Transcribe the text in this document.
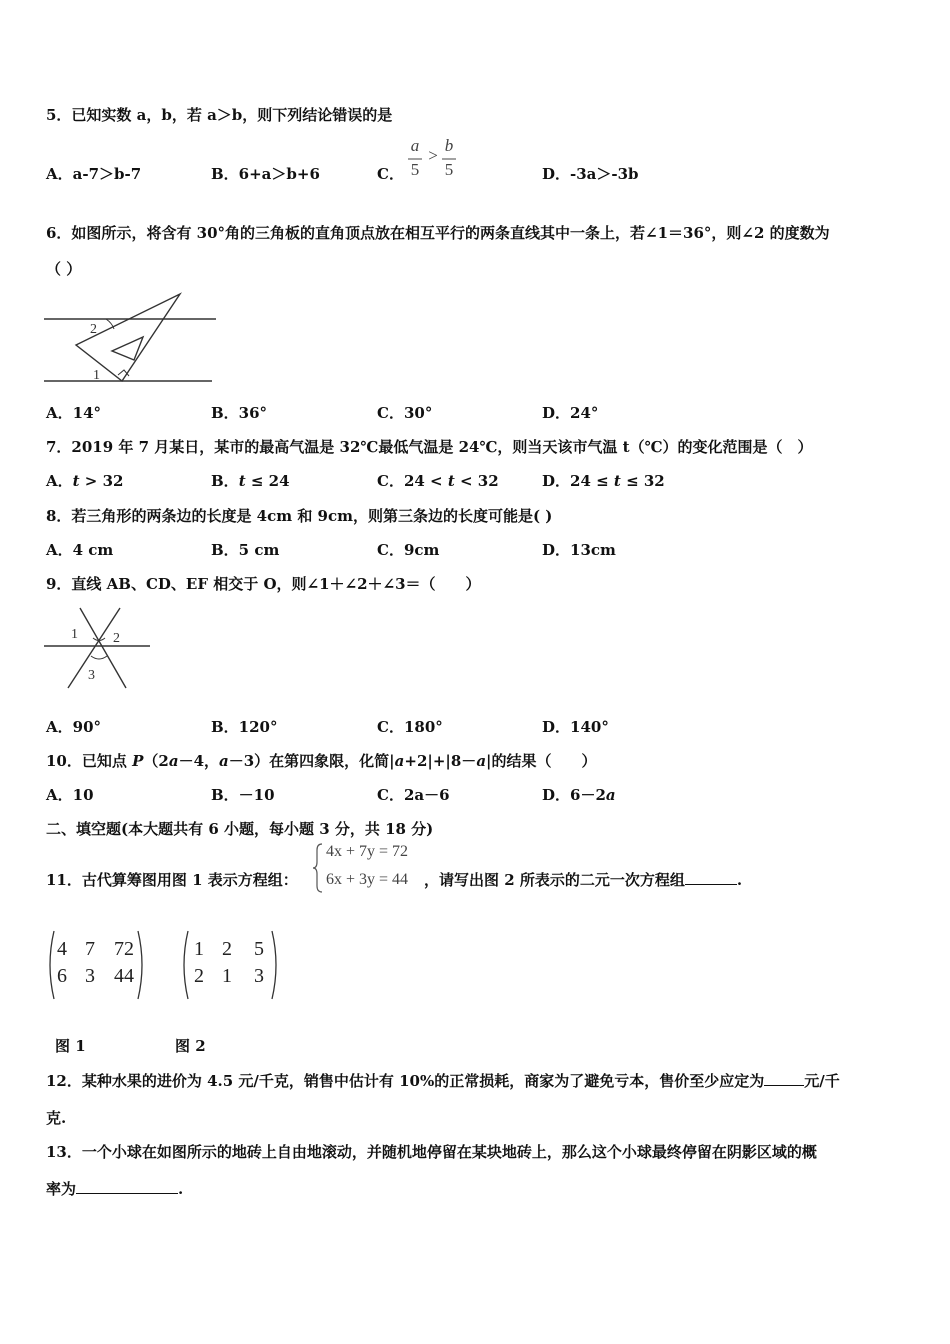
5．已知实数 a，b，若 a＞b，则下列结论错误的是
A．a-7＞b-7	B．6+a＞b+6	C．
a
5
>
b
5	D．-3a＞-3b
6．如图所示，将含有 30°角的三角板的直角顶点放在相互平行的两条直线其中一条上，若∠1＝36°，则∠2 的度数为
（ ）
2
1
A．14°	B．36°	C．30°	D．24°
7．2019 年 7 月某日，某市的最高气温是 32℃最低气温是 24℃，则当天该市气温 t（℃）的变化范围是（　）
A．t > 32	B．t ≤ 24	C．24 < t < 32	D．24 ≤ t ≤ 32
8．若三角形的两条边的长度是 4cm 和 9cm，则第三条边的长度可能是( )
A．4 cm	B．5 cm	C．9cm	D．13cm
9．直线 AB、CD、EF 相交于 O，则∠1＋∠2＋∠3＝（　　）
1	2
3
A．90°	B．120°	C．180°	D．140°
10．已知点 P（2a－4，a－3）在第四象限，化简|a+2|+|8－a|的结果（　　）
A．10	B．－10	C．2a－6	D．6－2a
二、填空题(本大题共有 6 小题，每小题 3 分，共 18 分)
11．古代算筹图用图 1 表示方程组：
4x + 7y = 72
6x + 3y = 44 ，请写出图 2 所表示的二元一次方程组	.
4 7 72
6 3 44
1 2 5
2 1 3
图 1	图 2
12．某种水果的进价为 4.5 元/千克，销售中估计有 10%的正常损耗，商家为了避免亏本，售价至少应定为	元/千
克.
13．一个小球在如图所示的地砖上自由地滚动，并随机地停留在某块地砖上，那么这个小球最终停留在阴影区域的概
率为	.
